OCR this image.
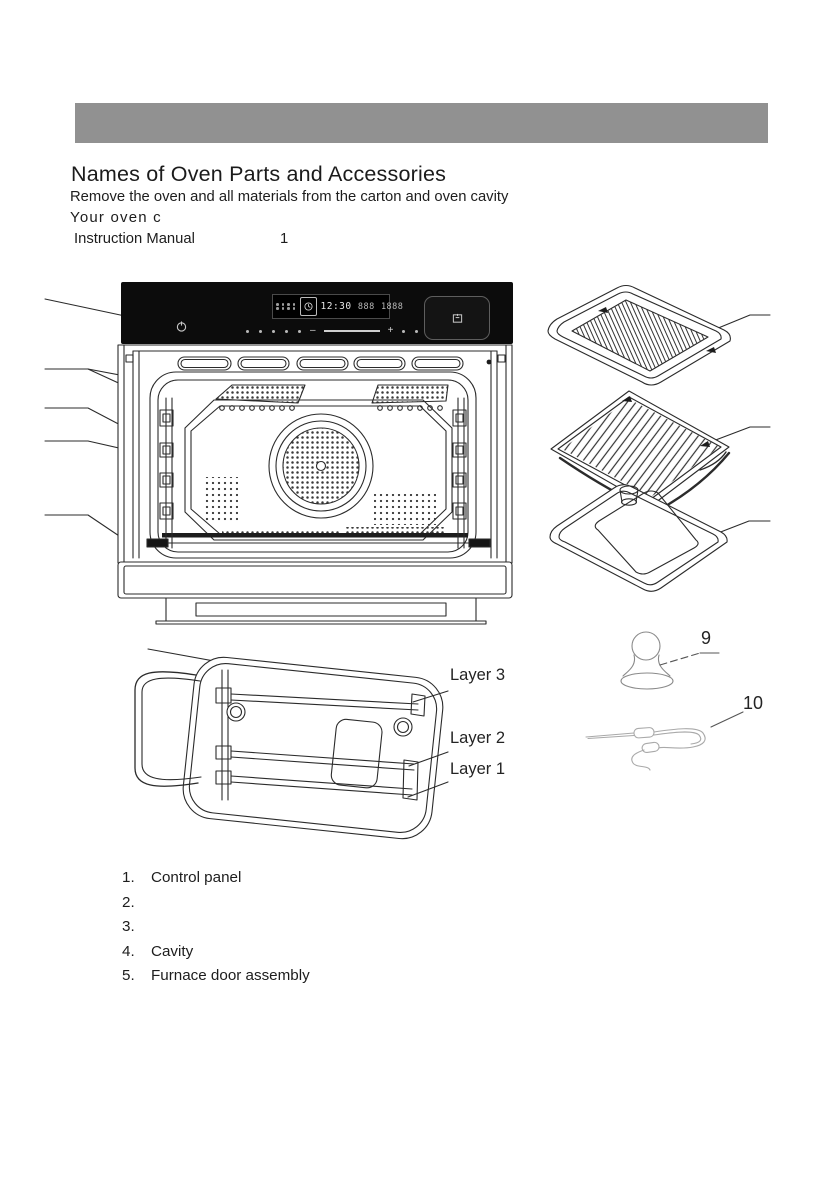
Names of Oven Parts and Accessories
Remove the oven and all materials from the carton and oven cavity
Your oven c
Instruction Manual	1
12:30 888 1888
–	+
Layer 3
Layer 2
Layer 1
9
10
1.	Control panel
2.
3.
4.	Cavity
5.	Furnace door assembly
